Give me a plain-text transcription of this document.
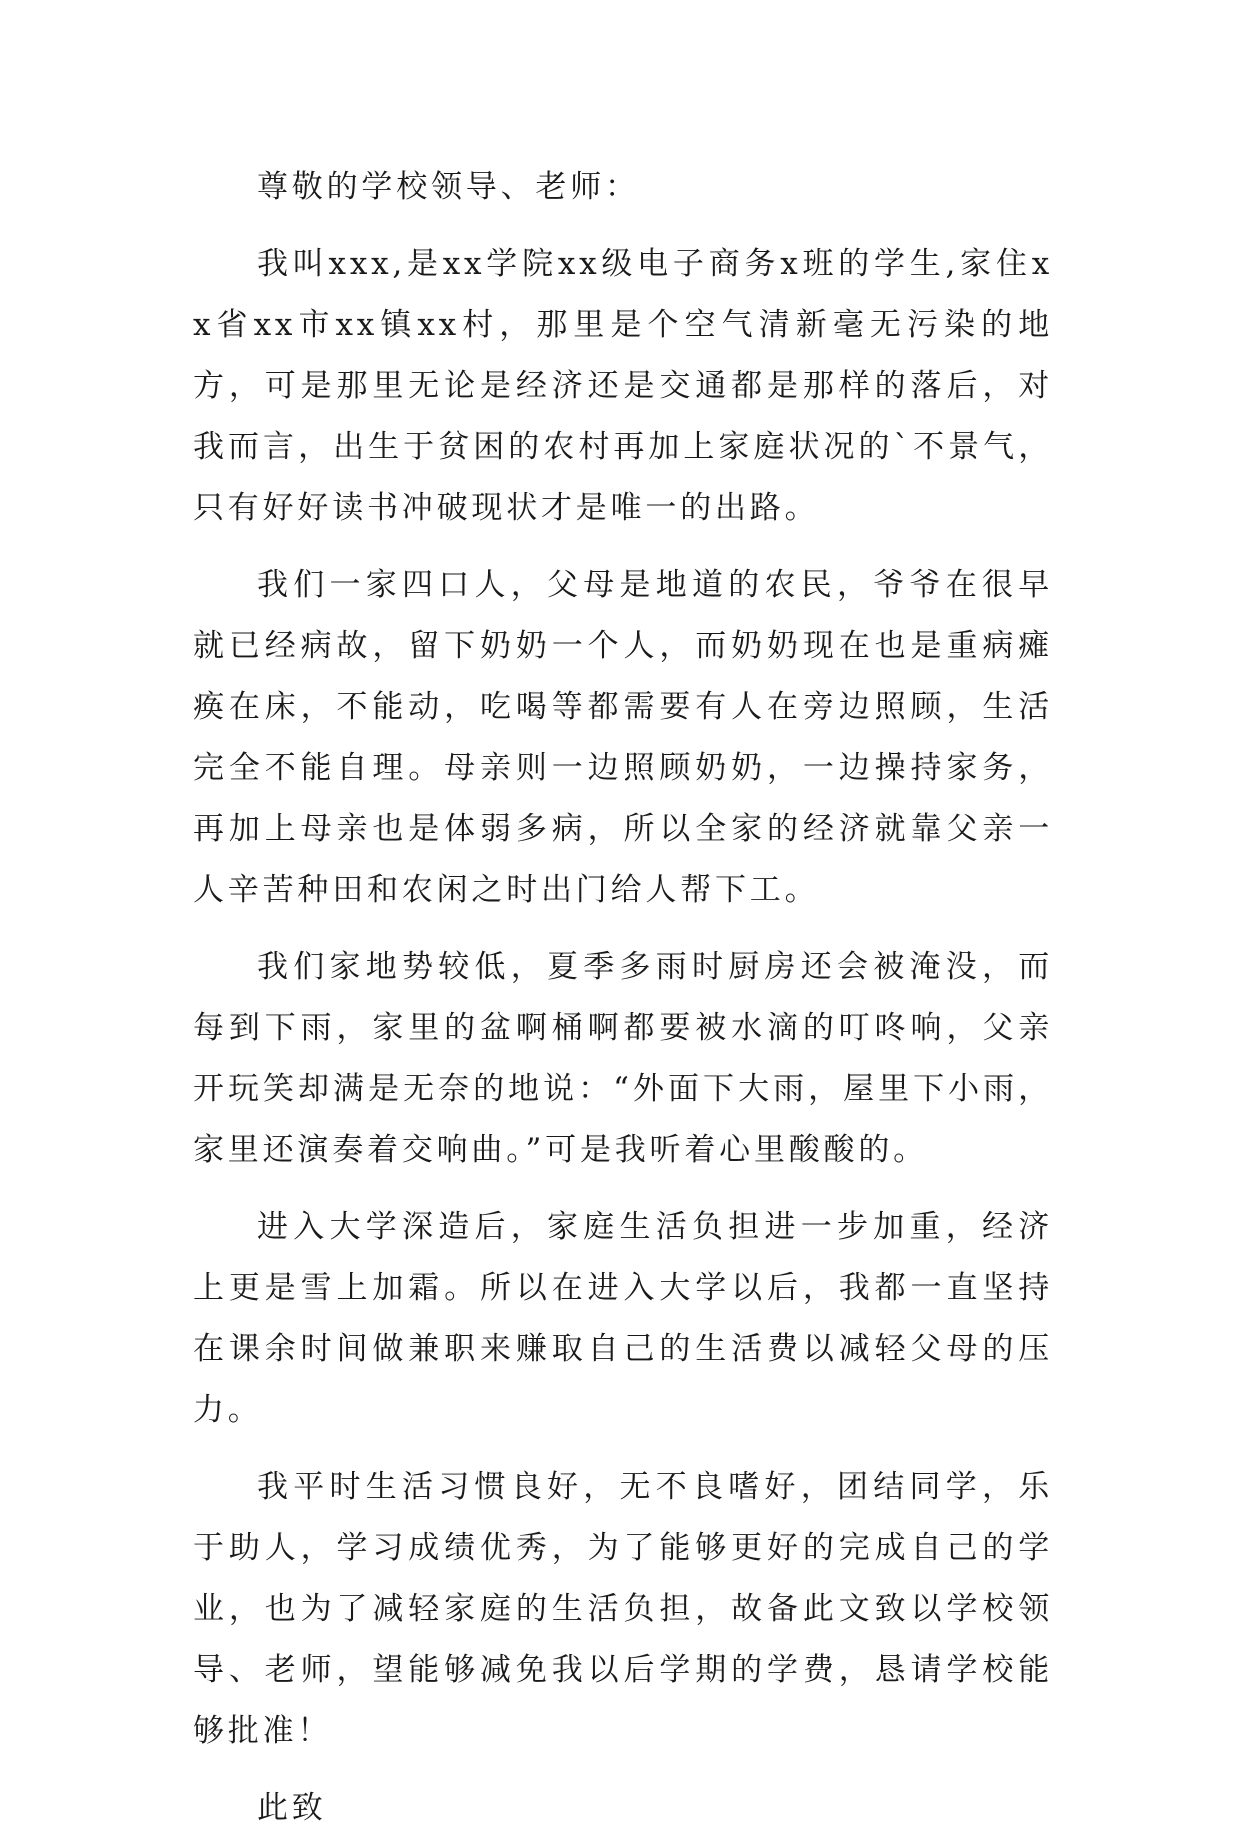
尊敬的学校领导、老师：

我叫xxx,是xx学院xx级电子商务x班的学生,家住xx省xx市xx镇xx村，那里是个空气清新毫无污染的地方，可是那里无论是经济还是交通都是那样的落后，对我而言，出生于贫困的农村再加上家庭状况的`不景气，只有好好读书冲破现状才是唯一的出路。

我们一家四口人，父母是地道的农民，爷爷在很早就已经病故，留下奶奶一个人，而奶奶现在也是重病瘫痪在床，不能动，吃喝等都需要有人在旁边照顾，生活完全不能自理。母亲则一边照顾奶奶，一边操持家务，再加上母亲也是体弱多病，所以全家的经济就靠父亲一人辛苦种田和农闲之时出门给人帮下工。

我们家地势较低，夏季多雨时厨房还会被淹没，而每到下雨，家里的盆啊桶啊都要被水滴的叮咚响，父亲开玩笑却满是无奈的地说：“外面下大雨，屋里下小雨，家里还演奏着交响曲。”可是我听着心里酸酸的。

进入大学深造后，家庭生活负担进一步加重，经济上更是雪上加霜。所以在进入大学以后，我都一直坚持在课余时间做兼职来赚取自己的生活费以减轻父母的压力。

我平时生活习惯良好，无不良嗜好，团结同学，乐于助人，学习成绩优秀，为了能够更好的完成自己的学业，也为了减轻家庭的生活负担，故备此文致以学校领导、老师，望能够减免我以后学期的学费，恳请学校能够批准！

此致
